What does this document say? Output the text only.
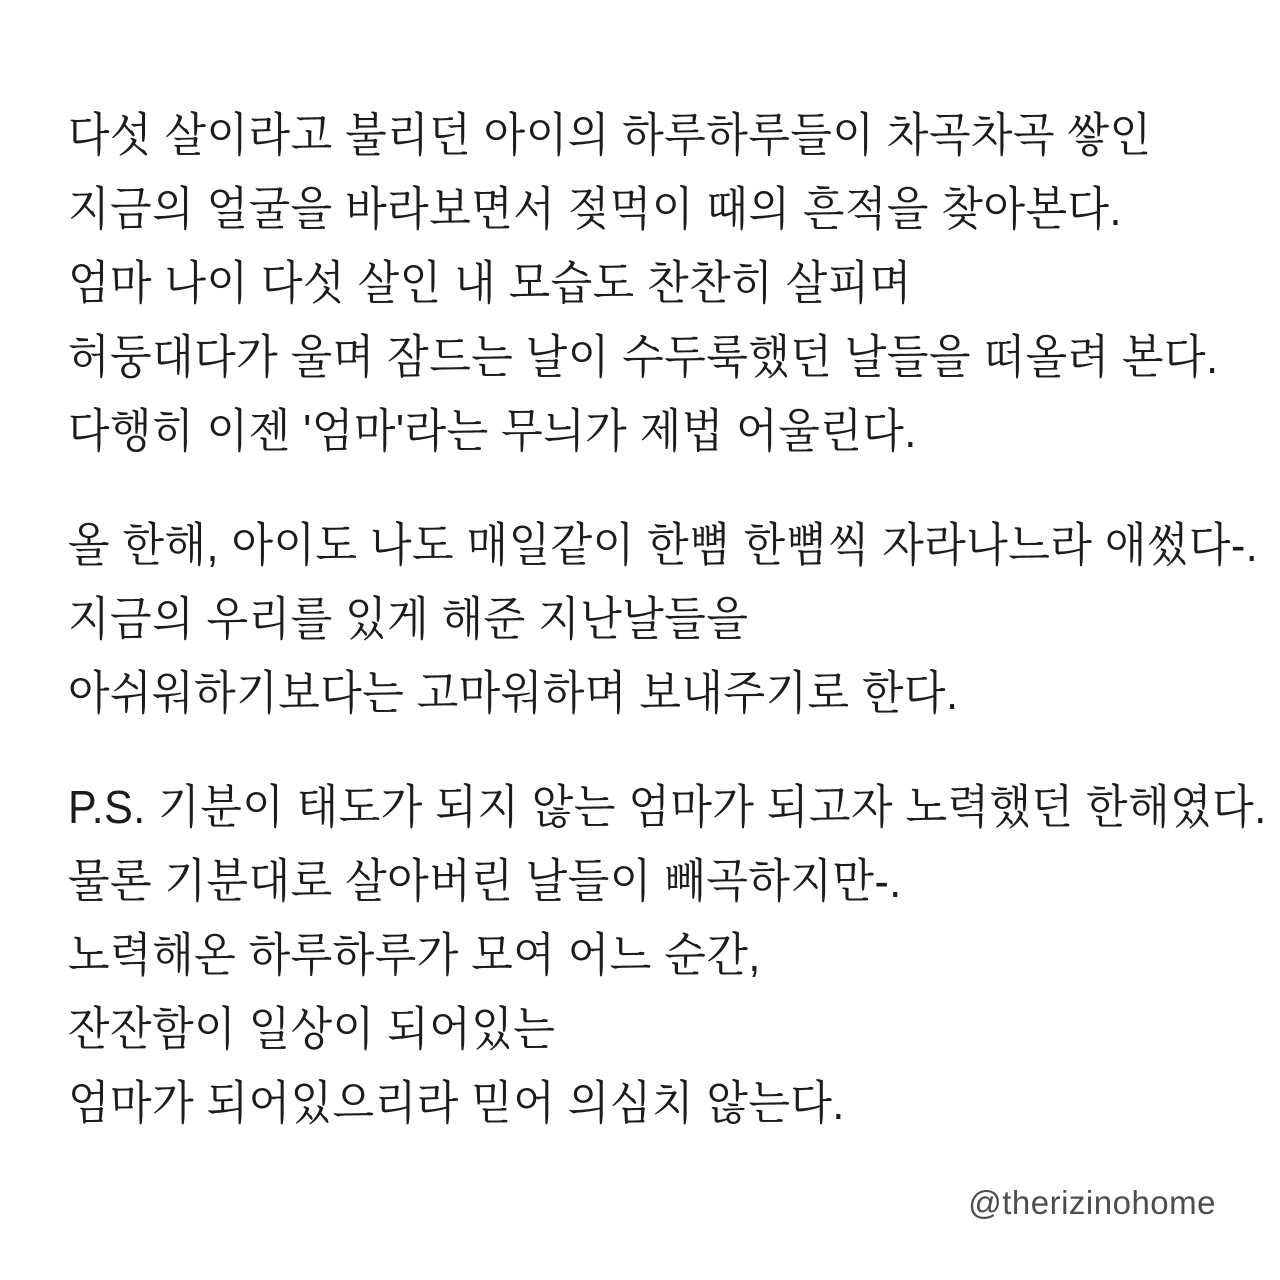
다섯 살이라고 불리던 아이의 하루하루들이 차곡차곡 쌓인

지금의 얼굴을 바라보면서 젖먹이 때의 흔적을 찾아본다.

엄마 나이 다섯 살인 내 모습도 찬찬히 살피며

허둥대다가 울며 잠드는 날이 수두룩했던 날들을 떠올려 본다.

다행히 이젠 '엄마'라는 무늬가 제법 어울린다.

올 한해, 아이도 나도 매일같이 한뼘 한뼘씩 자라나느라 애썼다-.

지금의 우리를 있게 해준 지난날들을

아쉬워하기보다는 고마워하며 보내주기로 한다.

P.S. 기분이 태도가 되지 않는 엄마가 되고자 노력했던 한해였다.

물론 기분대로 살아버린 날들이 빼곡하지만-.

노력해온 하루하루가 모여 어느 순간,

잔잔함이 일상이 되어있는

엄마가 되어있으리라 믿어 의심치 않는다.

@therizinohome
